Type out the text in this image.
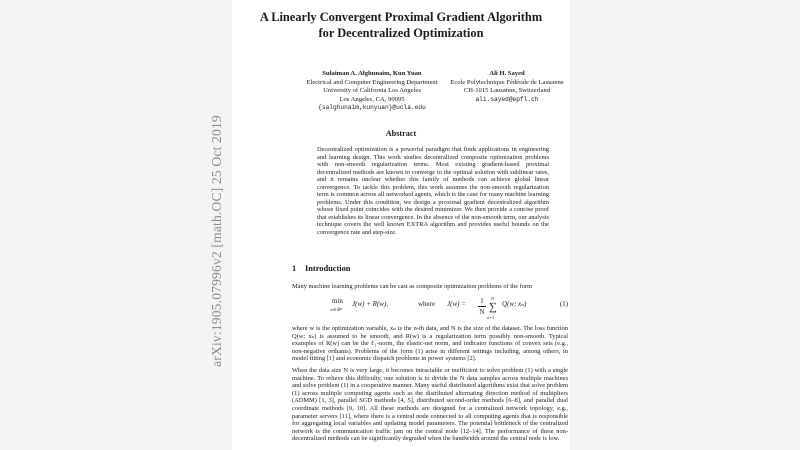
arXiv:1905.07996v2 [math.OC] 25 Oct 2019
A Linearly Convergent Proximal Gradient Algorithm
for Decentralized Optimization
Sulaiman A. Alghunaim, Kun Yuan
Electrical and Computer Engineering Department
University of California Los Angeles
Los Angeles, CA, 90095
{salghunaim,kunyuan}@ucla.edu
Ali H. Sayed
Ecole Polytechnique Fédérale de Lausanne
CH-1015 Lausanne, Switzerland
ali.sayed@epfl.ch
Abstract
Decentralized optimization is a powerful paradigm that finds applications in engineering and learning design. This work studies decentralized composite optimization problems with non-smooth regularization terms. Most existing gradient-based proximal decentralized methods are known to converge to the optimal solution with sublinear rates, and it remains unclear whether this family of methods can achieve global linear convergence. To tackle this problem, this work assumes the non-smooth regularization term is common across all networked agents, which is the case for many machine learning problems. Under this condition, we design a proximal gradient decentralized algorithm whose fixed point coincides with the desired minimizer. We then provide a concise proof that establishes its linear convergence. In the absence of the non-smooth term, our analysis technique covers the well known EXTRA algorithm and provides useful bounds on the convergence rate and step-size.
1 Introduction
Many machine learning problems can be cast as composite optimization problems of the form
min
w∈ℝᴹ
J(w) + R(w),	where J(w) =	1
N ∑
N
n=1
Q(w; xₙ)	(1)
where w is the optimization variable, xₙ is the n-th data, and N is the size of the dataset. The loss function Q(w; xₙ) is assumed to be smooth, and R(w) is a regularization term possibly non-smooth. Typical examples of R(w) can be the ℓ₁-norm, the elastic-net norm, and indicator functions of convex sets (e.g., non-negative orthants). Problems of the form (1) arise in different settings including, among others, in model fitting [1] and economic dispatch problems in power systems [2].
When the data size N is very large, it becomes intractable or inefficient to solve problem (1) with a single machine. To relieve this difficulty, one solution is to divide the N data samples across multiple machines and solve problem (1) in a cooperative manner. Many useful distributed algorithms exist that solve problem (1) across multiple computing agents such as the distributed alternating direction method of multipliers (ADMM) [1, 3], parallel SGD methods [4, 5], distributed second-order methods [6–8], and parallel dual coordinate methods [9, 10]. All these methods are designed for a centralized network topology, e.g., parameter servers [11], where there is a central node connected to all computing agents that is responsible for aggregating local variables and updating model parameters. The potential bottleneck of the centralized network is the communication traffic jam on the central node [12–14]. The performance of these non-decentralized methods can be significantly degraded when the bandwidth around the central node is low.
